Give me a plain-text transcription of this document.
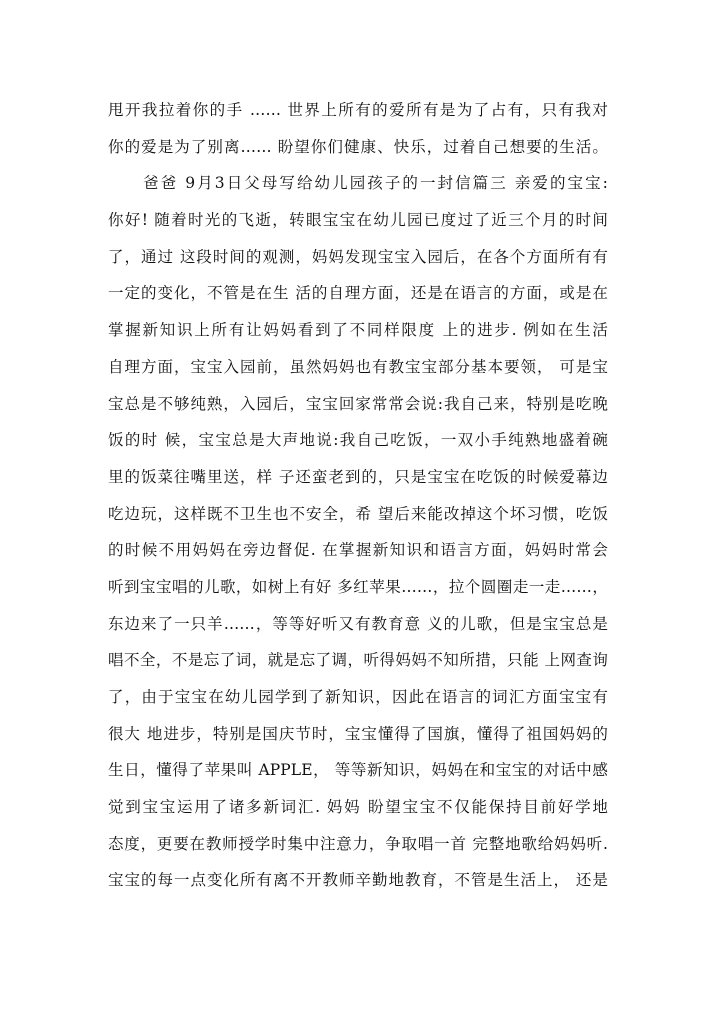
甩开我拉着你的手 …… 世界上所有的爱所有是为了占有，只有我对
你的爱是为了别离…… 盼望你们健康、快乐，过着自己想要的生活。
　　爸爸 9月3日父母写给幼儿园孩子的一封信篇三 亲爱的宝宝:
你好! 随着时光的飞逝，转眼宝宝在幼儿园已度过了近三个月的时间
了，通过 这段时间的观测，妈妈发现宝宝入园后，在各个方面所有有
一定的变化，不管是在生 活的自理方面，还是在语言的方面，或是在
掌握新知识上所有让妈妈看到了不同样限度 上的进步. 例如在生活
自理方面，宝宝入园前，虽然妈妈也有教宝宝部分基本要领， 可是宝
宝总是不够纯熟，入园后，宝宝回家常常会说:我自己来，特别是吃晚
饭的时 候，宝宝总是大声地说:我自己吃饭，一双小手纯熟地盛着碗
里的饭菜往嘴里送，样 子还蛮老到的，只是宝宝在吃饭的时候爱幕边
吃边玩，这样既不卫生也不安全，希 望后来能改掉这个坏习惯，吃饭
的时候不用妈妈在旁边督促. 在掌握新知识和语言方面，妈妈时常会
听到宝宝唱的儿歌，如树上有好 多红苹果……，拉个圆圈走一走……，
东边来了一只羊……，等等好听又有教育意 义的儿歌，但是宝宝总是
唱不全，不是忘了词，就是忘了调，听得妈妈不知所措，只能 上网查询
了，由于宝宝在幼儿园学到了新知识，因此在语言的词汇方面宝宝有
很大 地进步，特别是国庆节时，宝宝懂得了国旗，懂得了祖国妈妈的
生日，懂得了苹果叫 APPLE， 等等新知识，妈妈在和宝宝的对话中感
觉到宝宝运用了诸多新词汇. 妈妈 盼望宝宝不仅能保持目前好学地
态度，更要在教师授学时集中注意力，争取唱一首 完整地歌给妈妈听.
宝宝的每一点变化所有离不开教师辛勤地教育，不管是生活上， 还是
